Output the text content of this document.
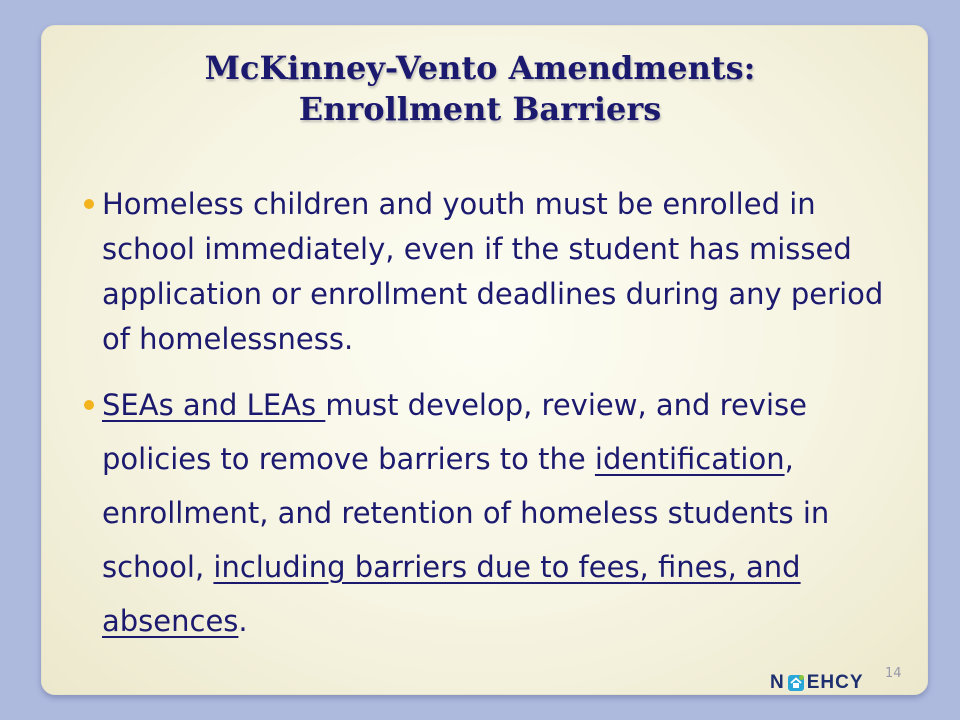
McKinney-Vento Amendments:
Enrollment Barriers
Homeless children and youth must be enrolled in school immediately, even if the student has missed application or enrollment deadlines during any period of homelessness.
SEAs and LEAs must develop, review, and revise policies to remove barriers to the identification, enrollment, and retention of homeless students in school, including barriers due to fees, fines, and absences.
14
N EHCY
